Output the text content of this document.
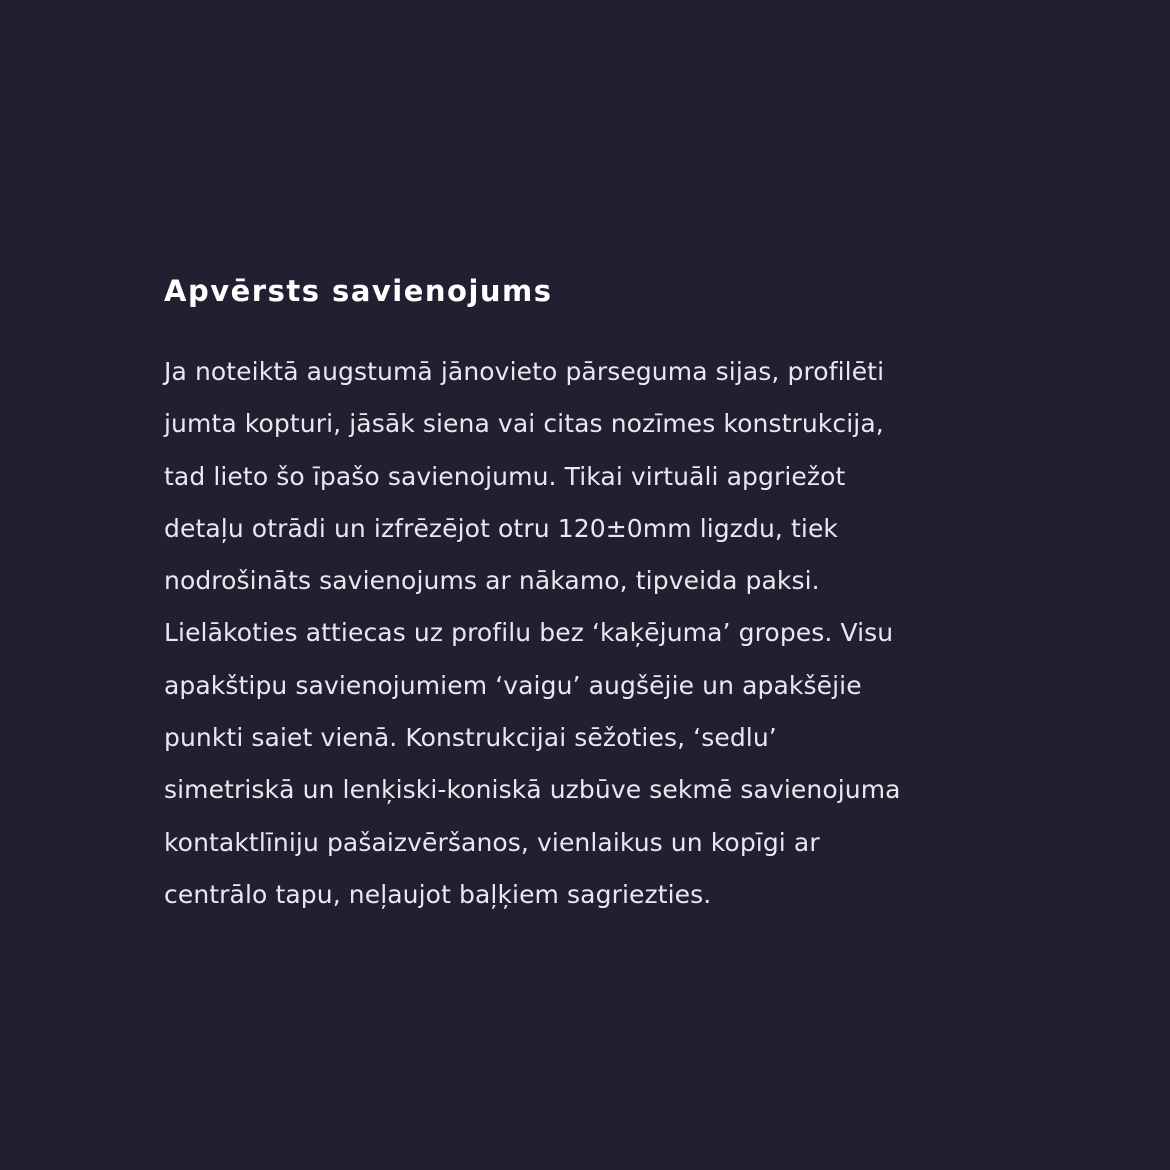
Apvērsts savienojums

Ja noteiktā augstumā jānovieto pārseguma sijas, profilēti
jumta kopturi, jāsāk siena vai citas nozīmes konstrukcija,
tad lieto šo īpašo savienojumu. Tikai virtuāli apgriežot
detaļu otrādi un izfrēzējot otru 120±0mm ligzdu, tiek
nodrošināts savienojums ar nākamo, tipveida paksi.
Lielākoties attiecas uz profilu bez ‘kaķējuma’ gropes. Visu
apakštipu savienojumiem ‘vaigu’ augšējie un apakšējie
punkti saiet vienā. Konstrukcijai sēžoties, ‘sedlu’
simetriskā un lenķiski-koniskā uzbūve sekmē savienojuma
kontaktlīniju pašaizvēršanos, vienlaikus un kopīgi ar
centrālo tapu, neļaujot baļķiem sagriezties.
